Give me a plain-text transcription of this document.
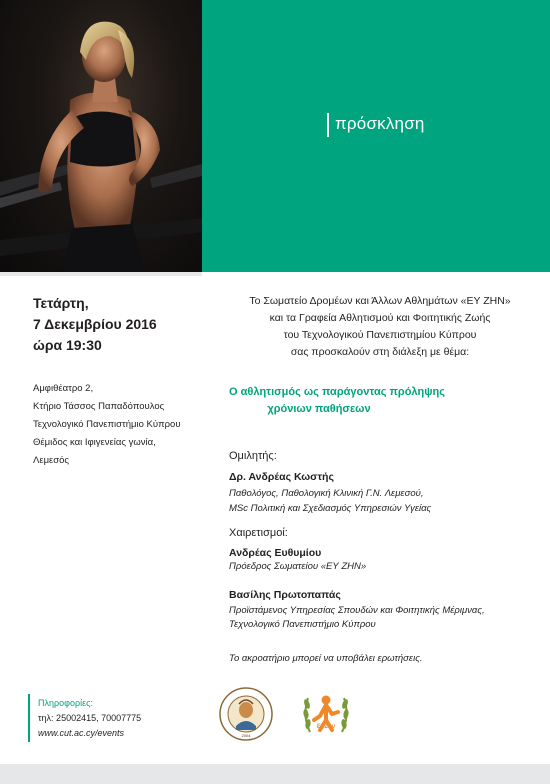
πρόσκληση
Τετάρτη,
7 Δεκεμβρίου 2016
ώρα 19:30
Αμφιθέατρο 2,
Κτήριο Τάσσος Παπαδόπουλος
Τεχνολογικό Πανεπιστήμιο Κύπρου
Θέμιδος και Ιφιγενείας γωνία,
Λεμεσός
Το Σωματείο Δρομέων και Άλλων Αθλημάτων «ΕΥ ΖΗΝ»
και τα Γραφεία Αθλητισμού και Φοιτητικής Ζωής
του Τεχνολογικού Πανεπιστημίου Κύπρου
σας προσκαλούν στη διάλεξη με θέμα:
Ο αθλητισμός ως παράγοντας πρόληψης
χρόνιων παθήσεων
Ομιλητής:
Δρ. Ανδρέας Κωστής
Παθολόγος, Παθολογική Κλινική Γ.Ν. Λεμεσού,
MSc Πολιτική και Σχεδιασμός Υπηρεσιών Υγείας
Χαιρετισμοί:
Ανδρέας Ευθυμίου
Πρόεδρος Σωματείου «ΕΥ ΖΗΝ»
Βασίλης Πρωτοπαπάς
Προϊστάμενος Υπηρεσίας Σπουδών και Φοιτητικής Μέριμνας,
Τεχνολογικό Πανεπιστήμιο Κύπρου
Το ακροατήριο μπορεί να υποβάλει ερωτήσεις.
Πληροφορίες:
τηλ: 25002415, 70007775
www.cut.ac.cy/events	2004
ΕυΖην
